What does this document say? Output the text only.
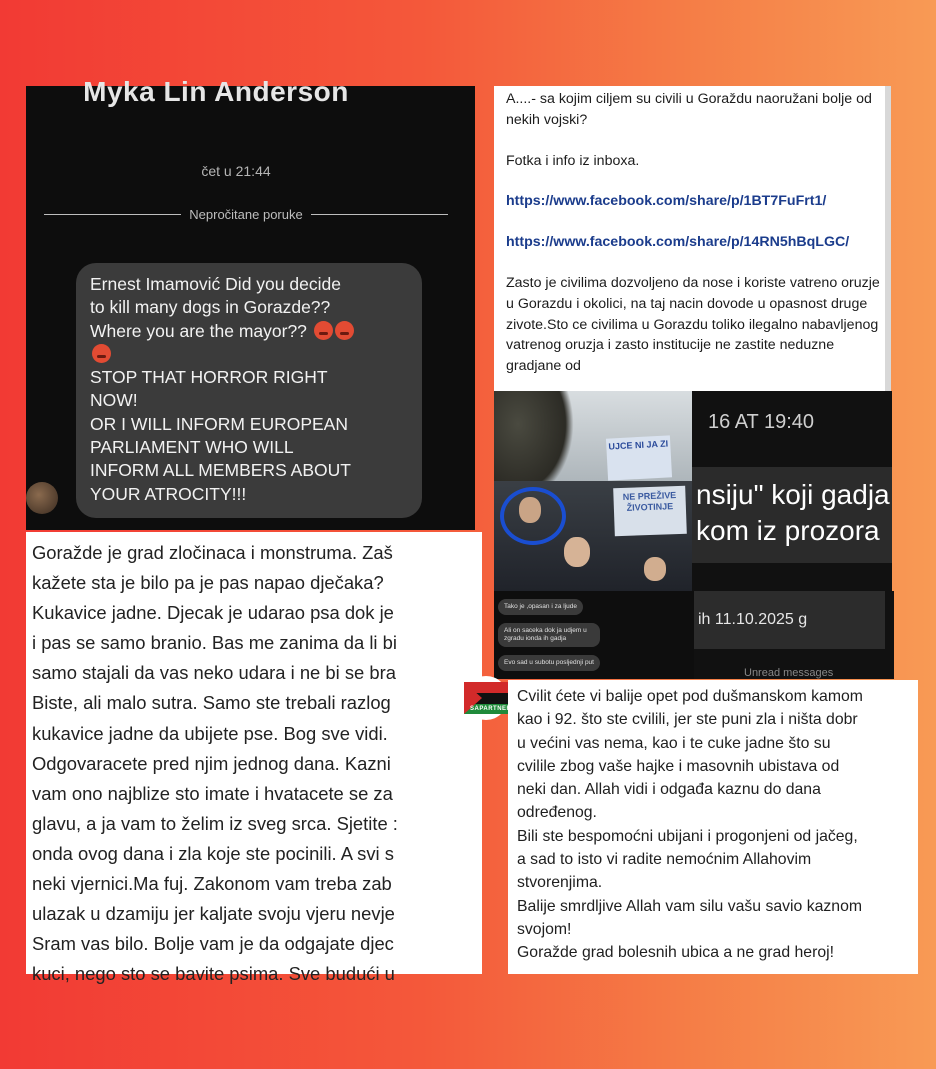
Myka Lin Anderson
čet u 21:44
Nepročitane poruke
Ernest Imamović Did you decide
to kill many dogs in Gorazde??
Where you are the mayor??

STOP THAT HORROR RIGHT
NOW!
OR I WILL INFORM EUROPEAN
PARLIAMENT WHO WILL
INFORM ALL MEMBERS ABOUT
YOUR ATROCITY!!!

A....- sa kojim ciljem su civili u Goraždu naoružani bolje od nekih vojski?

Fotka i info iz inboxa.

https://www.facebook.com/share/p/1BT7FuFrt1/
https://www.facebook.com/share/p/14RN5hBqLGC/

Zasto je civilima dozvoljeno da nose i koriste vatreno oruzje u Gorazdu i okolici, na taj nacin dovode u opasnost druge zivote.Sto ce civilima u Gorazdu toliko ilegalno nabavljenog vatrenog oruzja i zasto institucije ne zastite neduzne gradjane od

UJCE NI JA ZI
NE PREŽIVE ŽIVOTINJE
16 AT 19:40
nsiju" koji gadja
kom iz prozora
Tako je ,opasan i za ljude
Ali on saceka dok ja udjem u zgradu ionda ih gadja
Evo sad u subotu posljednji put
ih 11.10.2025 g
Unread messages
Goražde je grad zločinaca i monstruma. Zaš
kažete sta je bilo pa je pas napao dječaka?
Kukavice jadne. Djecak je udarao psa dok je
i pas se samo branio. Bas me zanima da li bi
samo stajali da vas neko udara i ne bi se bra
Biste, ali malo sutra. Samo ste trebali razlog
kukavice jadne da ubijete pse. Bog sve vidi.
Odgovaracete pred njim jednog dana. Kazni
vam ono najblize sto imate i hvatacete se za
glavu, a ja vam to želim iz sveg srca. Sjetite :
onda ovog dana i zla koje ste pocinili. A svi s
neki vjernici.Ma fuj. Zakonom vam treba zab
ulazak u dzamiju jer kaljate svoju vjeru nevje
Sram vas bilo. Bolje vam je da odgajate djec
kuci, nego sto se bavite psima. Sve budući u
Cvilit ćete vi balije opet pod dušmanskom kamom
kao i 92. što ste cvilili, jer ste puni zla i ništa dobr
u većini vas nema, kao i te cuke jadne što su
cvilile zbog vaše hajke i masovnih ubistava od
neki dan. Allah vidi i odgađa kaznu do dana
određenog.
Bili ste bespomoćni ubijani i progonjeni od jačeg,
a sad to isto vi radite nemoćnim Allahovim
stvorenjima.
Balije smrdljive Allah vam silu vašu savio kaznom
svojom!
Goražde grad bolesnih ubica a ne grad heroj!
SAPARTNERSTVO
